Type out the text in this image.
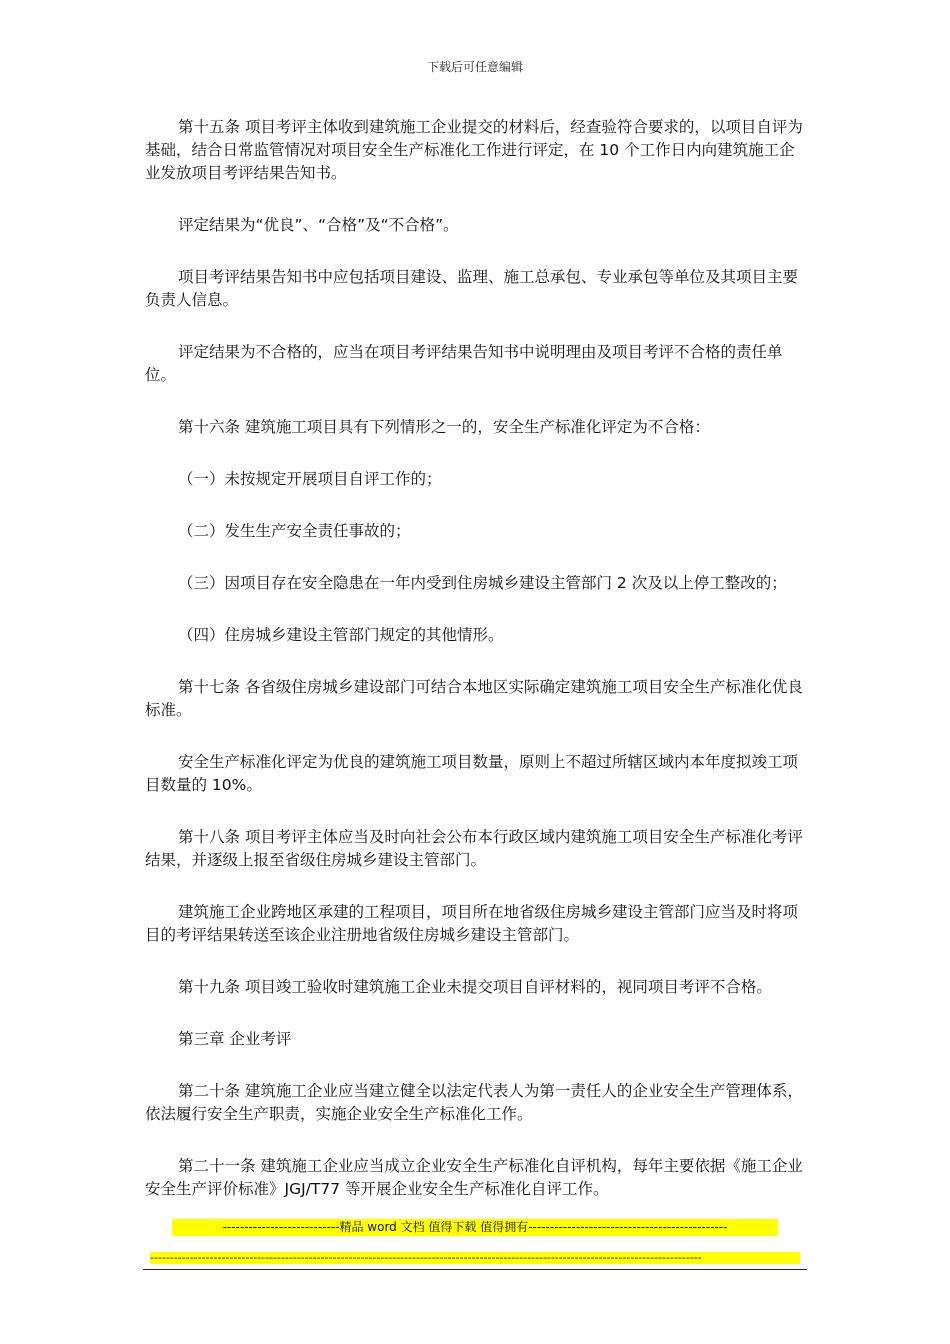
下载后可任意编辑

第十五条 项目考评主体收到建筑施工企业提交的材料后，经查验符合要求的，以项目自评为基础，结合日常监管情况对项目安全生产标准化工作进行评定，在 10 个工作日内向建筑施工企业发放项目考评结果告知书。

评定结果为“优良”、“合格”及“不合格”。

项目考评结果告知书中应包括项目建设、监理、施工总承包、专业承包等单位及其项目主要负责人信息。

评定结果为不合格的，应当在项目考评结果告知书中说明理由及项目考评不合格的责任单位。

第十六条 建筑施工项目具有下列情形之一的，安全生产标准化评定为不合格：

（一）未按规定开展项目自评工作的；

（二）发生生产安全责任事故的；

（三）因项目存在安全隐患在一年内受到住房城乡建设主管部门 2 次及以上停工整改的；

（四）住房城乡建设主管部门规定的其他情形。

第十七条 各省级住房城乡建设部门可结合本地区实际确定建筑施工项目安全生产标准化优良标准。

安全生产标准化评定为优良的建筑施工项目数量，原则上不超过所辖区域内本年度拟竣工项目数量的 10%。

第十八条 项目考评主体应当及时向社会公布本行政区域内建筑施工项目安全生产标准化考评结果，并逐级上报至省级住房城乡建设主管部门。

建筑施工企业跨地区承建的工程项目，项目所在地省级住房城乡建设主管部门应当及时将项目的考评结果转送至该企业注册地省级住房城乡建设主管部门。

第十九条 项目竣工验收时建筑施工企业未提交项目自评材料的，视同项目考评不合格。

第三章 企业考评

第二十条 建筑施工企业应当建立健全以法定代表人为第一责任人的企业安全生产管理体系，依法履行安全生产职责，实施企业安全生产标准化工作。

第二十一条 建筑施工企业应当成立企业安全生产标准化自评机构，每年主要依据《施工企业安全生产评价标准》JGJ/T77 等开展企业安全生产标准化自评工作。

---------------------------精品 word 文档 值得下载 值得拥有----------------------------------------------
-------------------------------------------------------------------------------------------------------------------------------------------
